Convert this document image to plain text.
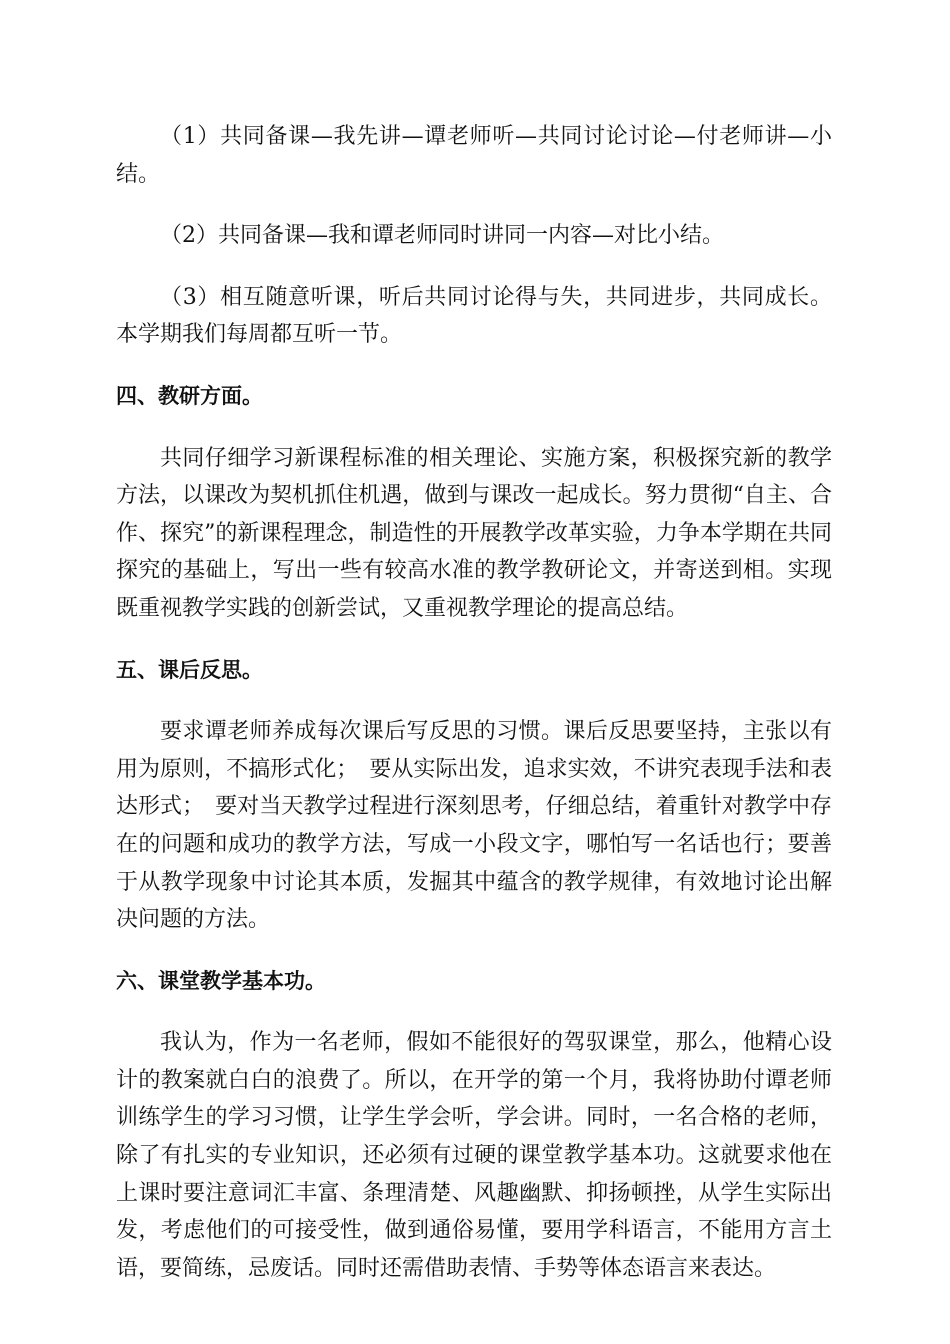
（1）共同备课—我先讲—谭老师听—共同讨论讨论—付老师讲—小结。

（2）共同备课—我和谭老师同时讲同一内容—对比小结。

（3）相互随意听课，听后共同讨论得与失，共同进步，共同成长。本学期我们每周都互听一节。

四、教研方面。

共同仔细学习新课程标准的相关理论、实施方案，积极探究新的教学方法，以课改为契机抓住机遇，做到与课改一起成长。努力贯彻“自主、合作、探究”的新课程理念，制造性的开展教学改革实验，力争本学期在共同探究的基础上，写出一些有较高水准的教学教研论文，并寄送到相。实现既重视教学实践的创新尝试，又重视教学理论的提高总结。

五、课后反思。

要求谭老师养成每次课后写反思的习惯。课后反思要坚持，主张以有用为原则，不搞形式化；　要从实际出发，追求实效，不讲究表现手法和表达形式；　要对当天教学过程进行深刻思考，仔细总结，着重针对教学中存在的问题和成功的教学方法，写成一小段文字，哪怕写一名话也行；要善于从教学现象中讨论其本质，发掘其中蕴含的教学规律，有效地讨论出解决问题的方法。

六、课堂教学基本功。

我认为，作为一名老师，假如不能很好的驾驭课堂，那么，他精心设计的教案就白白的浪费了。所以，在开学的第一个月，我将协助付谭老师训练学生的学习习惯，让学生学会听，学会讲。同时，一名合格的老师，除了有扎实的专业知识，还必须有过硬的课堂教学基本功。这就要求他在上课时要注意词汇丰富、条理清楚、风趣幽默、抑扬顿挫，从学生实际出发，考虑他们的可接受性，做到通俗易懂，要用学科语言，不能用方言土语，要简练，忌废话。同时还需借助表情、手势等体态语言来表达。
